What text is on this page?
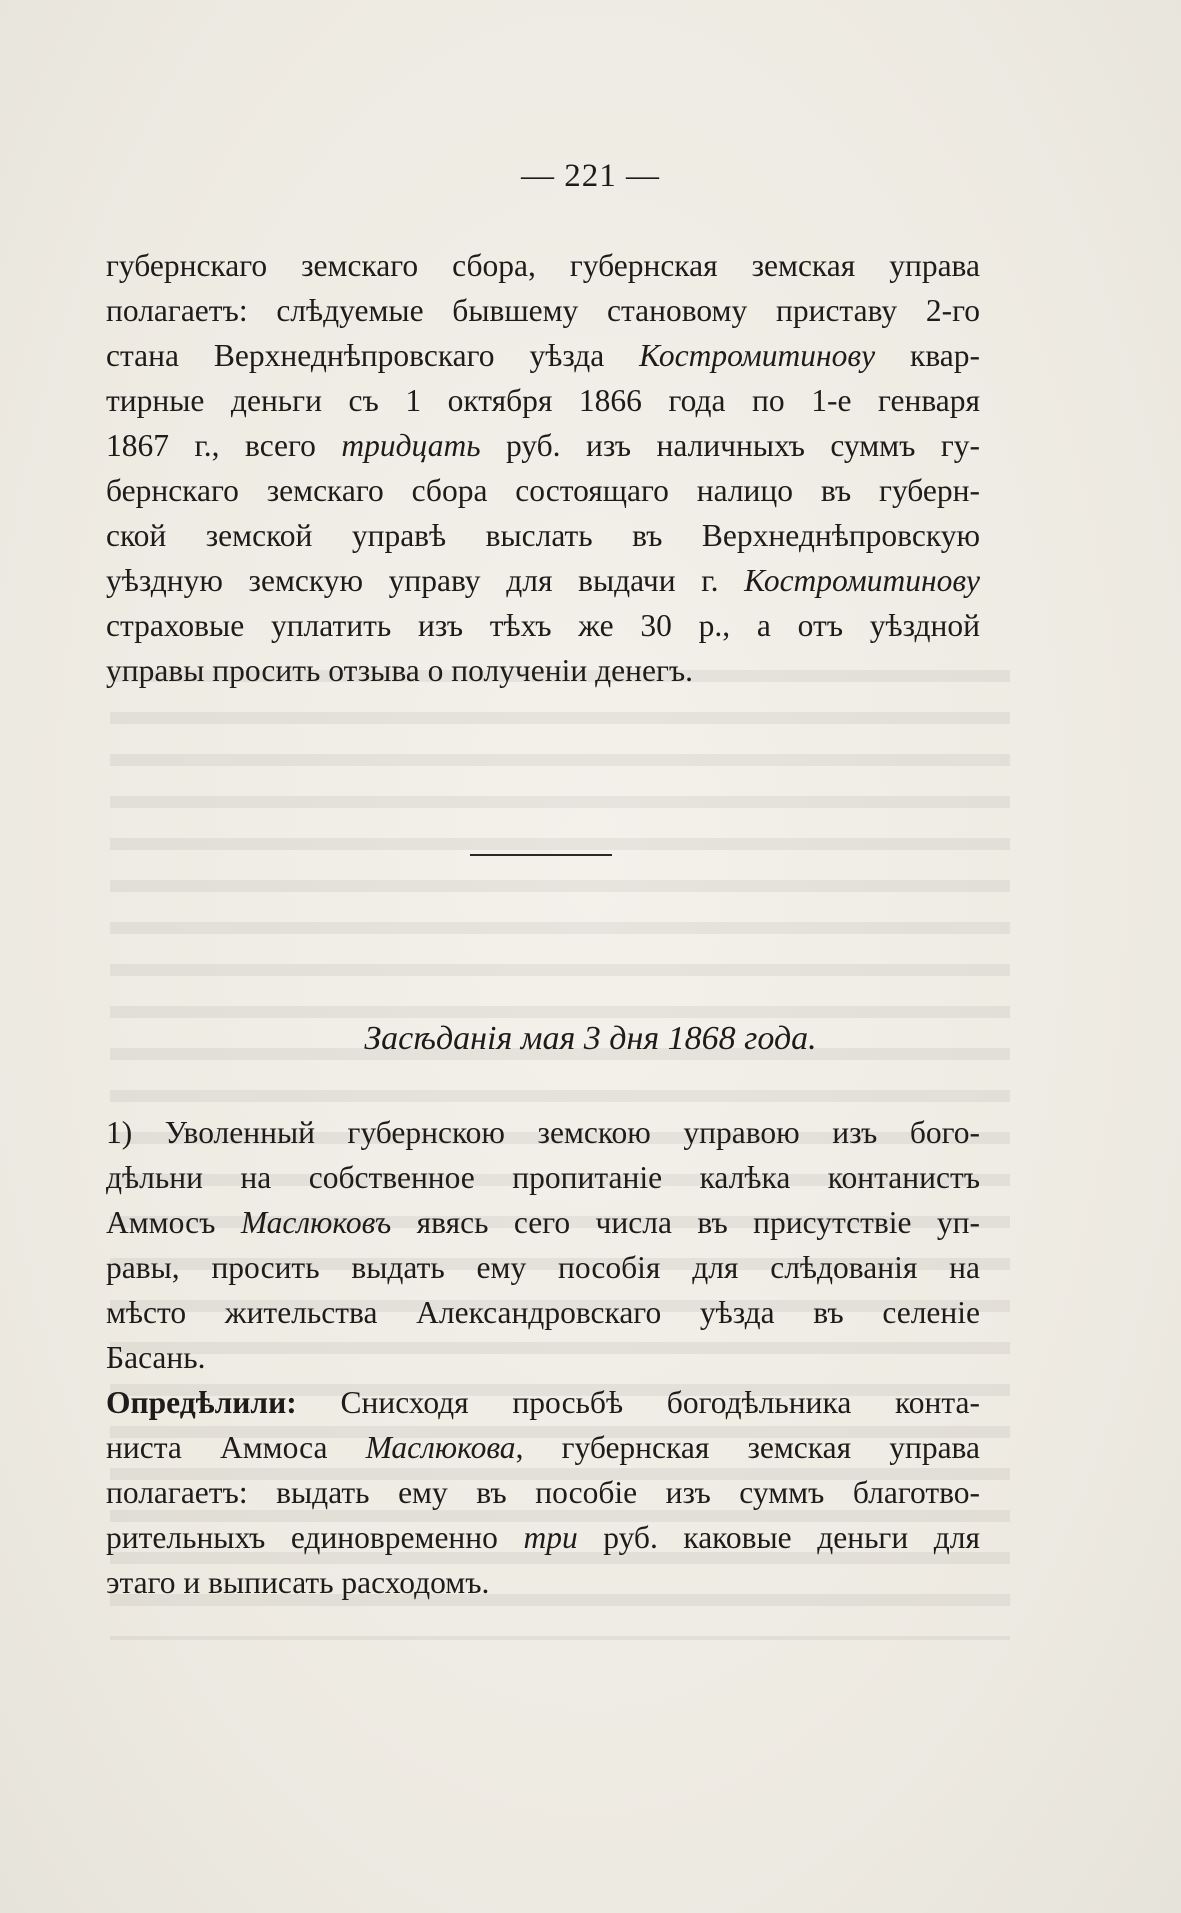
— 221 —
губернскаго земскаго сбора, губернская земская управа
полагаетъ: слѣдуемые бывшему становому приставу 2-го
стана Верхнеднѣпровскаго уѣзда Костромитинову квар-
тирные деньги съ 1 октября 1866 года по 1-е генваря
1867 г., всего тридцать руб. изъ наличныхъ суммъ гу-
бернскаго земскаго сбора состоящаго налицо въ губерн-
ской земской управѣ выслать въ Верхнеднѣпровскую
уѣздную земскую управу для выдачи г. Костромитинову
страховые уплатить изъ тѣхъ же 30 р., а отъ уѣздной
управы просить отзыва о полученіи денегъ.
Засѣданія мая 3 дня 1868 года.
1) Уволенный губернскою земскою управою изъ бого-
дѣльни на собственное пропитаніе калѣка контанистъ
Аммосъ Маслюковъ явясь сего числа въ присутствіе уп-
равы, просить выдать ему пособія для слѣдованія на
мѣсто жительства Александровскаго уѣзда въ селеніе
Басань.
Опредѣлили: Снисходя просьбѣ богодѣльника конта-
ниста Аммоса Маслюкова, губернская земская управа
полагаетъ: выдать ему въ пособіе изъ суммъ благотво-
рительныхъ единовременно три руб. каковые деньги для
этаго и выписать расходомъ.
